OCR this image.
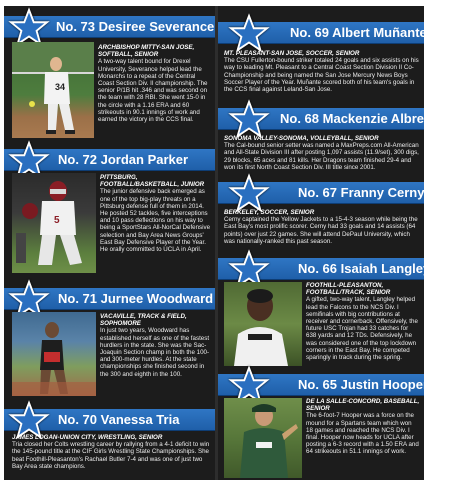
No. 73 Desiree Severance
34
ARCHBISHOP MITTY-SAN JOSE, SOFTBALL, SENIOR
A two-way talent bound for Drexel University, Severance helped lead the Monarchs to a repeat of the Central Coast Section Div. II championship. The senior P/1B hit .346 and was second on the team with 28 RBI. She went 15-0 in the circle with a 1.16 ERA and 60 strikeouts in 90.1 innings of work and earned the victory in the CCS final.
No. 72 Jordan Parker
5
PITTSBURG, FOOTBALL/BASKETBALL, JUNIOR
The junior defensive back emerged as one of the top big-play threats on a Pittsburg defense full of them in 2014. He posted 52 tackles, five interceptions and 10 pass deflections on his way to being a SportStars All-NorCal Defensive selection and Bay Area News Groups' East Bay Defensive Player of the Year. He orally committed to UCLA in April.
No. 71 Jurnee Woodward
VACAVILLE, TRACK & FIELD, SOPHOMORE
In just two years, Woodward has established herself as one of the fastest hurdlers in the state. She was the Sac-Joaquin Section champ in both the 100- and 300-meter hurdles. At the state championships she finished second in the 300 and eighth in the 100.
No. 70 Vanessa Tria
JAMES LOGAN-UNION CITY, WRESTLING, SENIOR
Tria closed her Colts wrestling career by rallying from a 4-1 deficit to win the 145-pound title at the CIF Girls Wrestling State Championships. She beat Foothill-Pleasanton's Rachael Butler 7-4 and was one of just two Bay Area state champions.
No. 69 Albert Muñante
MT. PLEASANT-SAN JOSE, SOCCER, SENIOR
The CSU Fullerton-bound striker totaled 24 goals and six assists on his way to leading Mt. Pleasant to a Central Coast Section Division II Co-Championship and being named the San Jose Mercury News Boys Soccer Player of the Year. Muñante scored both of his team's goals in the CCS final against Leland-San Jose.
No. 68 Mackenzie Albrecht
SONOMA VALLEY-SONOMA, VOLLEYBALL, SENIOR
The Cal-bound senior setter was named a MaxPreps.com All-American and All-State Division III after posting 1,097 assists (11.9/set), 300 digs, 29 blocks, 65 aces and 81 kills. Her Dragons team finished 29-4 and won its first North Coast Section Div. III title since 2001.
No. 67 Franny Cerny
BERKELEY, SOCCER, SENIOR
Cerny captained the Yellow Jackets to a 15-4-3 season while being the East Bay's most prolific scorer. Cerny had 33 goals and 14 assists (64 points) over just 22 games. She will attend DePaul University, which was nationally-ranked this past season.
No. 66 Isaiah Langley
FOOTHILL-PLEASANTON, FOOTBALL/TRACK, SENIOR
A gifted, two-way talent, Langley helped lead the Falcons to the NCS Div. I semifinals with big contributions at receiver and cornerback. Offensively, the future USC Trojan had 33 catches for 638 yards and 12 TDs. Defensively, he was considered one of the top lockdown corners in the East Bay. He competed sparingly in track during the spring.
No. 65 Justin Hooper
DE LA SALLE-CONCORD, BASEBALL, SENIOR
The 6-foot-7 Hooper was a force on the mound for a Spartans team which won 18 games and reached the NCS Div. I final. Hooper now heads for UCLA after posting a 6-3 record with a 1.50 ERA and 64 strikeouts in 51.1 innings of work.
